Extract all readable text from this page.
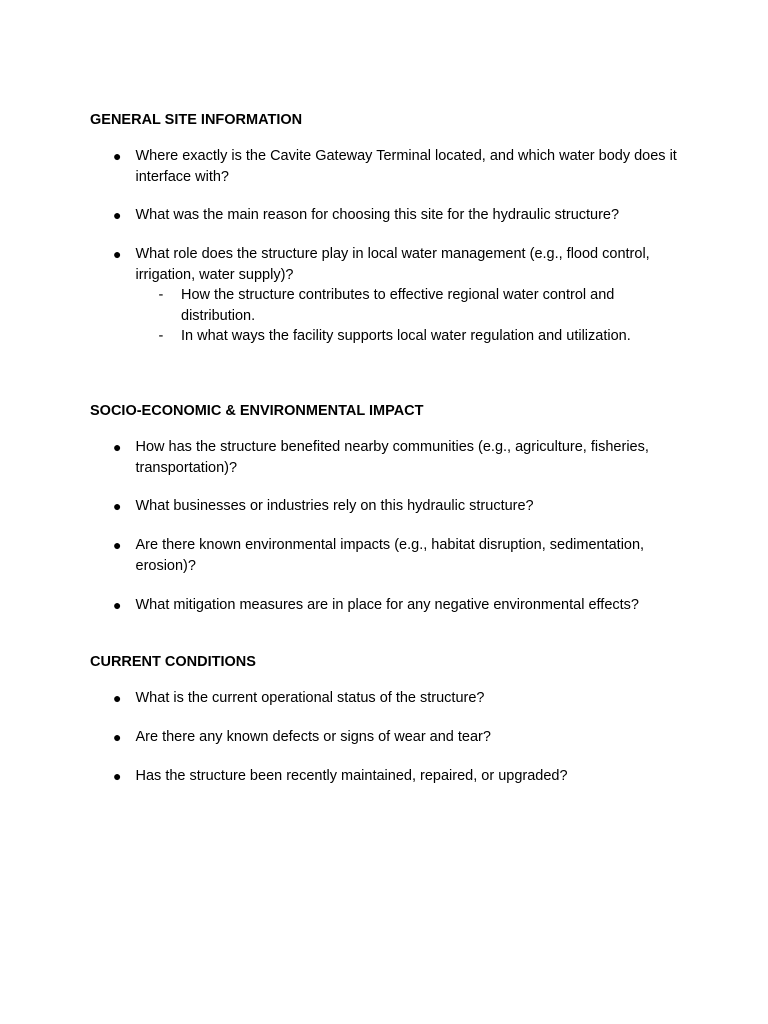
GENERAL SITE INFORMATION
● Where exactly is the Cavite Gateway Terminal located, and which water body does it interface with?
● What was the main reason for choosing this site for the hydraulic structure?
● What role does the structure play in local water management (e.g., flood control, irrigation, water supply)?
- How the structure contributes to effective regional water control and distribution.
- In what ways the facility supports local water regulation and utilization.
SOCIO-ECONOMIC & ENVIRONMENTAL IMPACT
● How has the structure benefited nearby communities (e.g., agriculture, fisheries, transportation)?
● What businesses or industries rely on this hydraulic structure?
● Are there known environmental impacts (e.g., habitat disruption, sedimentation, erosion)?
● What mitigation measures are in place for any negative environmental effects?
CURRENT CONDITIONS
● What is the current operational status of the structure?
● Are there any known defects or signs of wear and tear?
● Has the structure been recently maintained, repaired, or upgraded?
